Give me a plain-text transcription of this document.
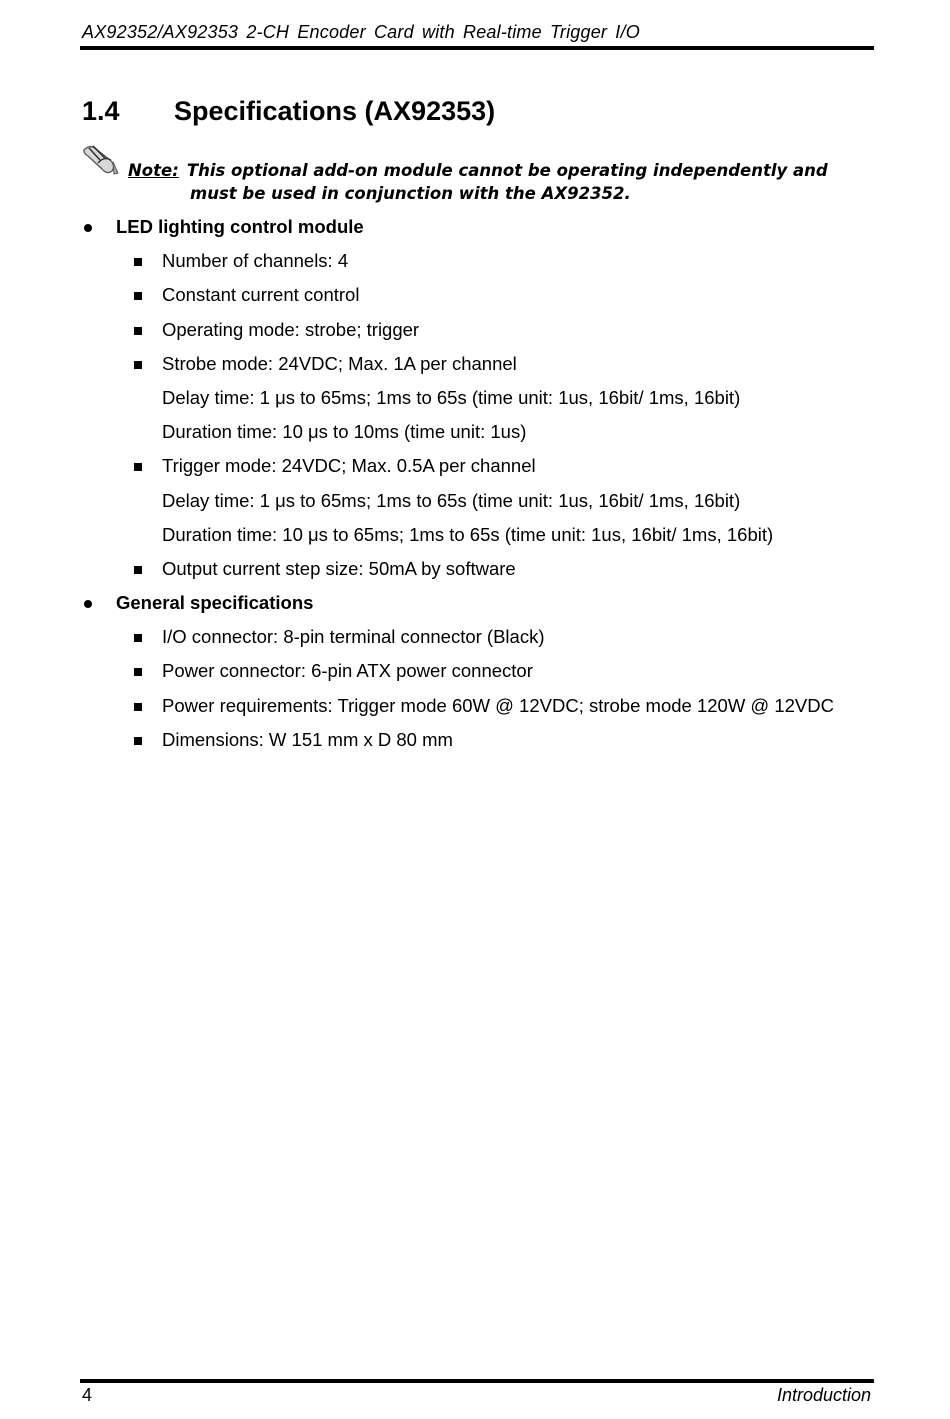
AX92352/AX92353 2-CH Encoder Card with Real-time Trigger I/O
1.4 Specifications (AX92353)
Note: This optional add-on module cannot be operating independently and
must be used in conjunction with the AX92352.
LED lighting control module
Number of channels: 4
Constant current control
Operating mode: strobe; trigger
Strobe mode: 24VDC; Max. 1A per channel
Delay time: 1 μs to 65ms; 1ms to 65s (time unit: 1us, 16bit/ 1ms, 16bit)
Duration time: 10 μs to 10ms (time unit: 1us)
Trigger mode: 24VDC; Max. 0.5A per channel
Delay time: 1 μs to 65ms; 1ms to 65s (time unit: 1us, 16bit/ 1ms, 16bit)
Duration time: 10 μs to 65ms; 1ms to 65s (time unit: 1us, 16bit/ 1ms, 16bit)
Output current step size: 50mA by software
General specifications
I/O connector: 8-pin terminal connector (Black)
Power connector: 6-pin ATX power connector
Power requirements: Trigger mode 60W @ 12VDC; strobe mode 120W @ 12VDC
Dimensions: W 151 mm x D 80 mm
4	Introduction
